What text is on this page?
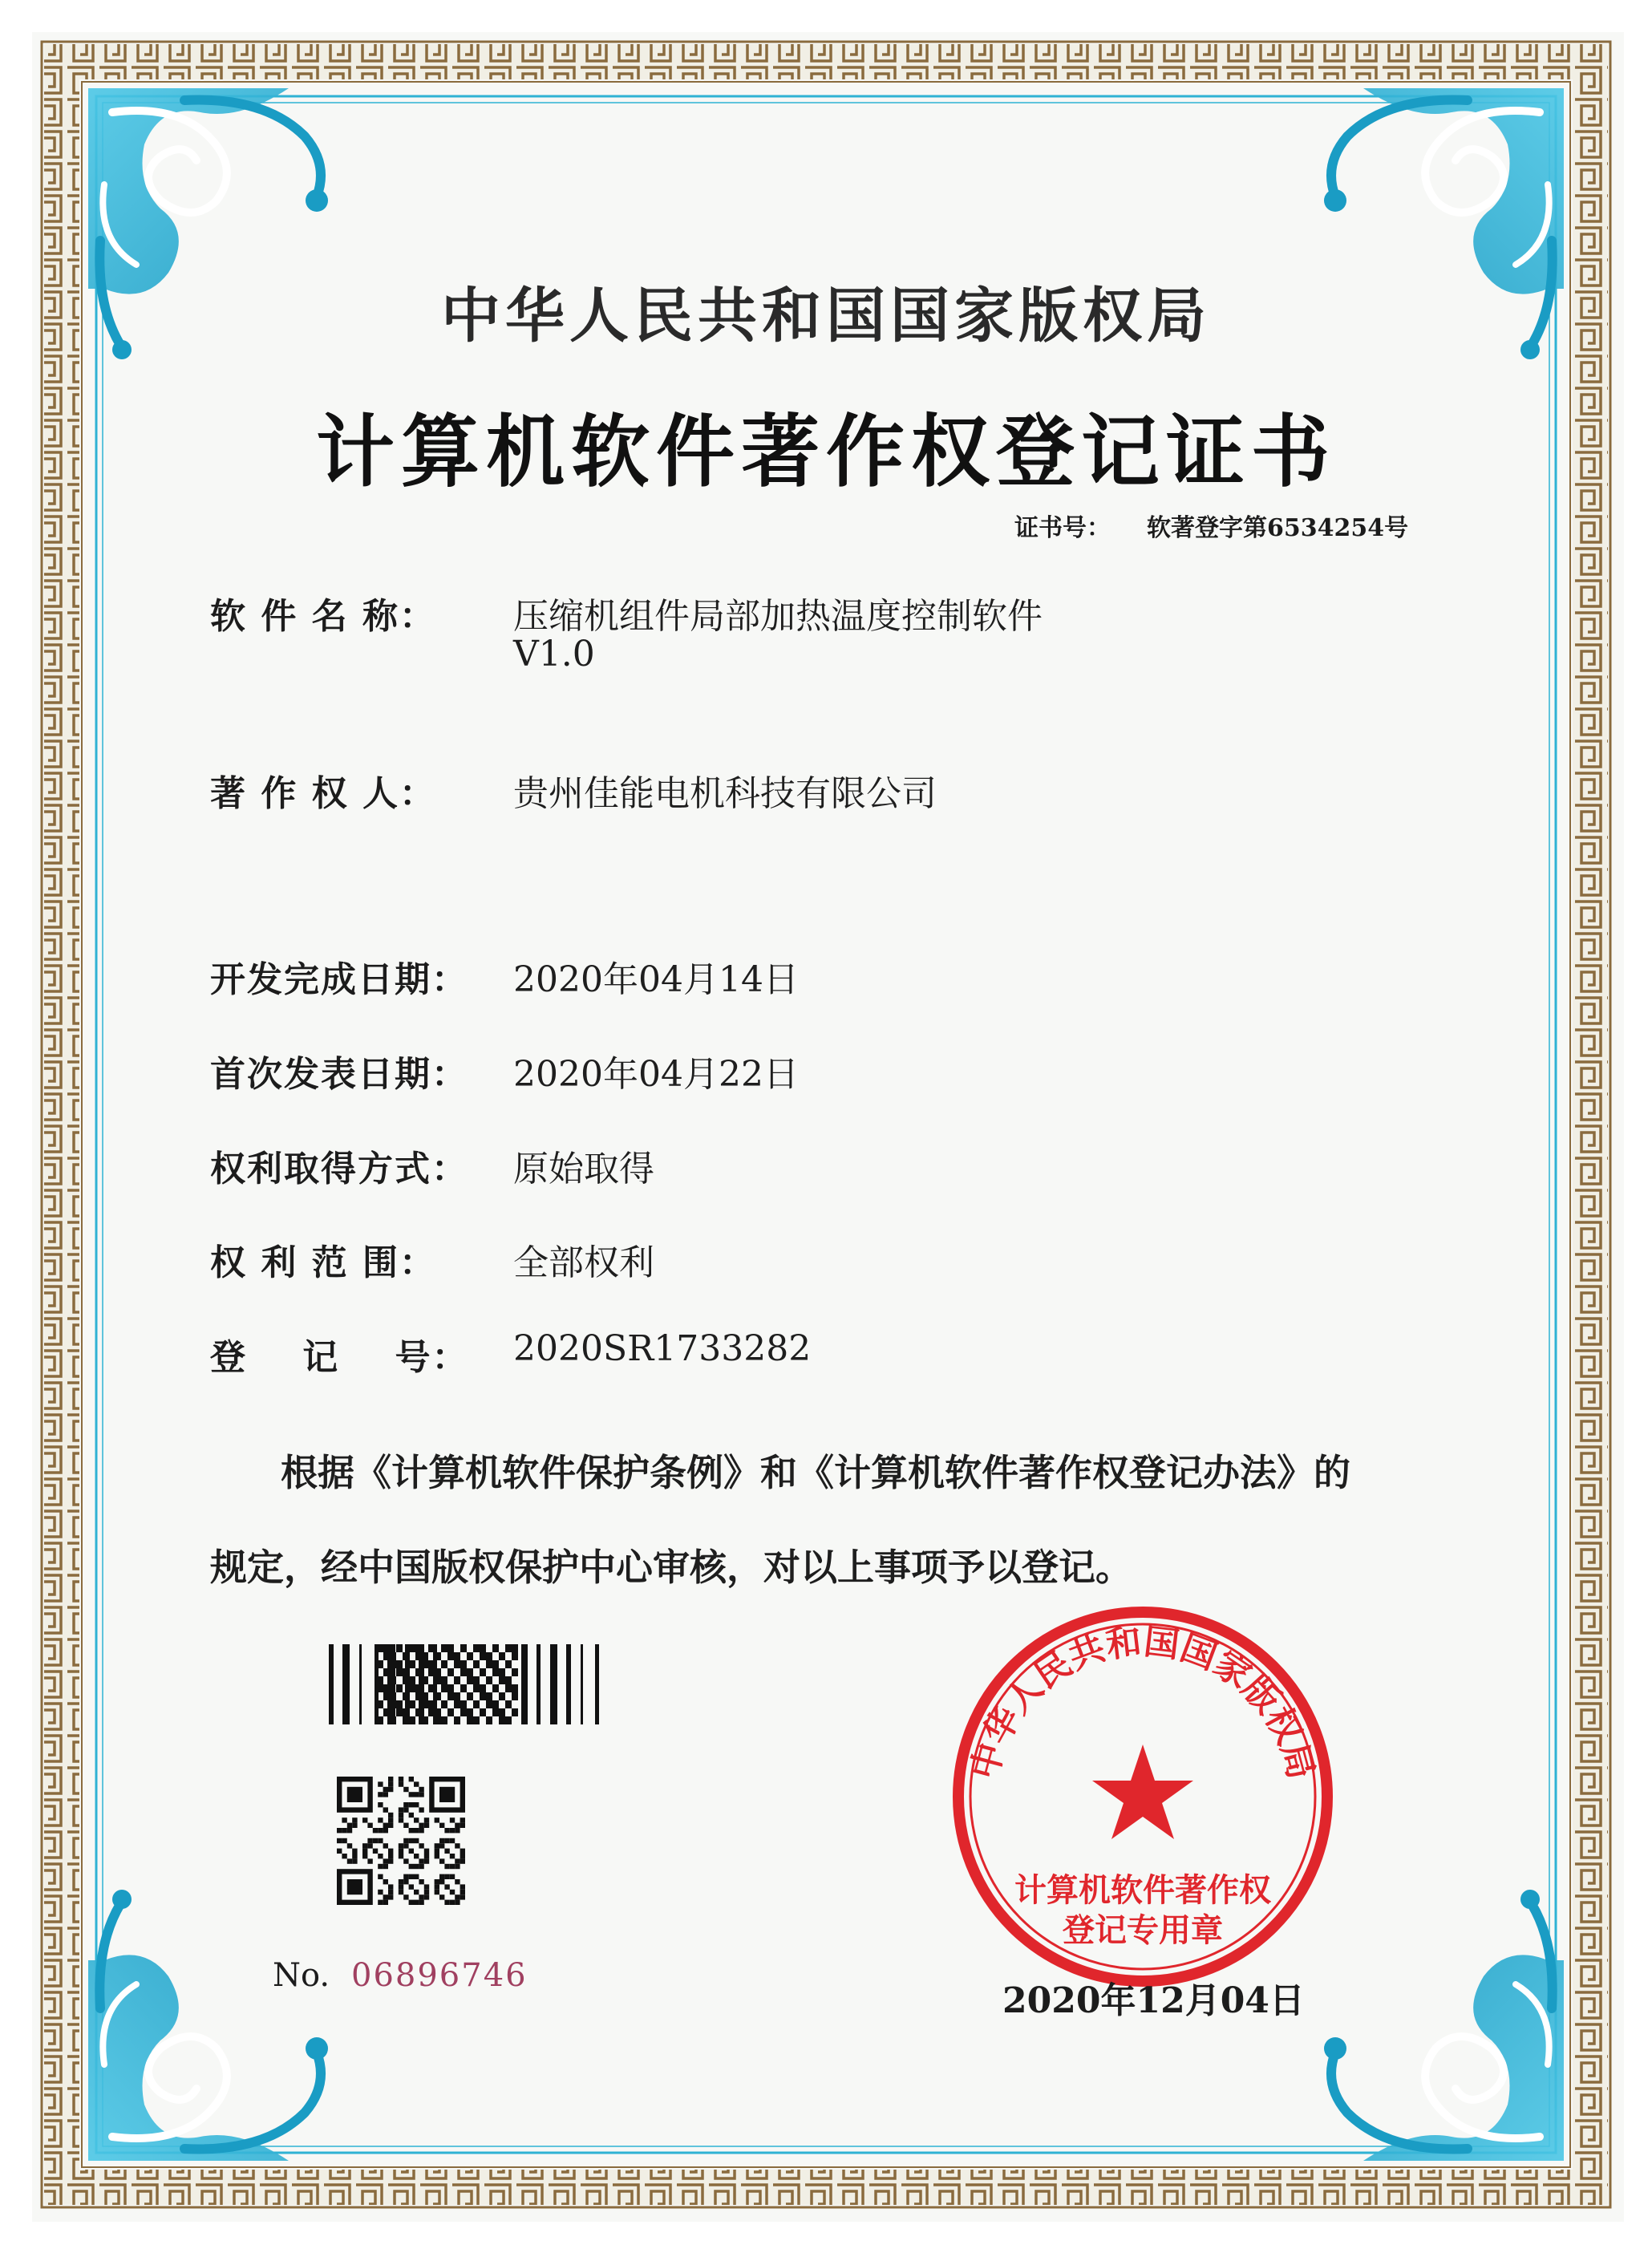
中华人民共和国国家版权局
计算机软件著作权
登记专用章
中华人民共和国国家版权局
计算机软件著作权登记证书
证书号： 软著登字第6534254号
软 件 名 称： 压缩机组件局部加热温度控制软件
V1.0
著 作 权 人： 贵州佳能电机科技有限公司
开发完成日期： 2020年04月14日
首次发表日期： 2020年04月22日
权利取得方式： 原始取得
权 利 范 围： 全部权利
登    记    号： 2020SR1733282
根据《计算机软件保护条例》和《计算机软件著作权登记办法》的
规定，经中国版权保护中心审核，对以上事项予以登记。
No. 06896746
2020年12月04日
